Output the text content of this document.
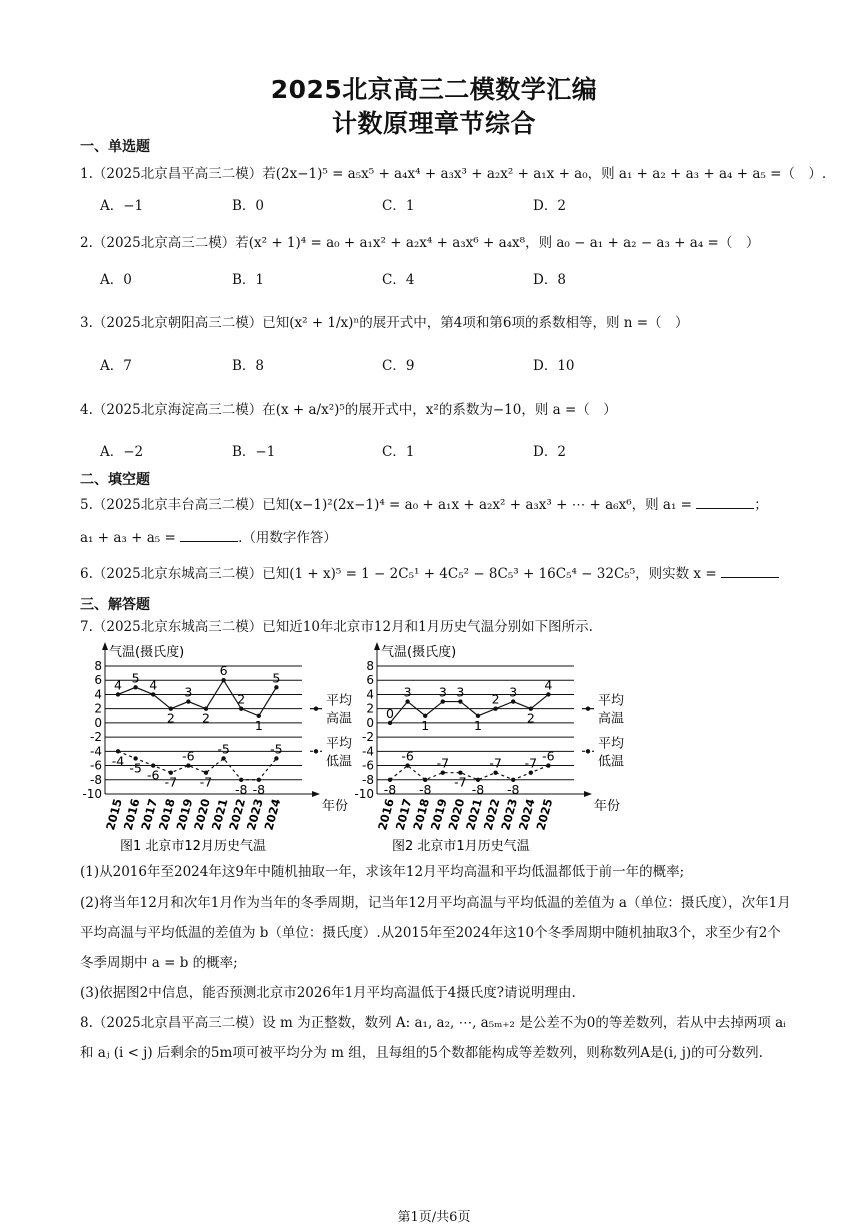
2025北京高三二模数学汇编
计数原理章节综合
一、单选题
1.（2025北京昌平高三二模）若(2x−1)⁵ = a₅x⁵ + a₄x⁴ + a₃x³ + a₂x² + a₁x + a₀，则 a₁ + a₂ + a₃ + a₄ + a₅ =（　）.
A．−1	B．0	C．1	D．2
2.（2025北京高三二模）若(x² + 1)⁴ = a₀ + a₁x² + a₂x⁴ + a₃x⁶ + a₄x⁸，则 a₀ − a₁ + a₂ − a₃ + a₄ =（　）
A．0	B．1	C．4	D．8
3.（2025北京朝阳高三二模）已知(x² + 1/x)ⁿ的展开式中，第4项和第6项的系数相等，则 n =（　）
A．7	B．8	C．9	D．10
4.（2025北京海淀高三二模）在(x + a/x²)⁵的展开式中，x²的系数为−10，则 a =（　）
A．−2	B．−1	C．1	D．2
二、填空题
5.（2025北京丰台高三二模）已知(x−1)²(2x−1)⁴ = a₀ + a₁x + a₂x² + a₃x³ + ⋯ + a₆x⁶，则 a₁ =	；
a₁ + a₃ + a₅ =	.（用数字作答）
6.（2025北京东城高三二模）已知(1 + x)⁵ = 1 − 2C₅¹ + 4C₅² − 8C₅³ + 16C₅⁴ − 32C₅⁵，则实数 x =
三、解答题
7.（2025北京东城高三二模）已知近10年北京市12月和1月历史气温分别如下图所示.
气温(摄氏度)
年份
8
6
4
2
0
-2
-4
-6
-8
-10
2015
2016
2017
2018
2019
2020
2021
2022
2023
2024
4 5 4
2
3
2
6
2
1
5
-4 -5 -6 -7
-6
-7
-5
-8 -8
-5
平均
高温
平均
低温
图1 北京市12月历史气温
气温(摄氏度)
年份
8
6
4
2
0
-2
-4
-6
-8
-10
2016
2017
2018
2019
2020
2021
2022
2023
2024
2025
0
3
1
3 3
1
2 3
2
4
-8
-6
-8
-7
-7 -8
-7
-8
-7 -6
平均
高温
平均
低温
图2 北京市1月历史气温
(1)从2016年至2024年这9年中随机抽取一年，求该年12月平均高温和平均低温都低于前一年的概率;
(2)将当年12月和次年1月作为当年的冬季周期，记当年12月平均高温与平均低温的差值为 a（单位：摄氏度），次年1月平均高温与平均低温的差值为 b（单位：摄氏度）.从2015年至2024年这10个冬季周期中随机抽取3个，求至少有2个冬季周期中 a = b 的概率;
(3)依据图2中信息，能否预测北京市2026年1月平均高温低于4摄氏度?请说明理由.
8.（2025北京昌平高三二模）设 m 为正整数，数列 A: a₁, a₂, ⋯, a₅ₘ₊₂ 是公差不为0的等差数列，若从中去掉两项 aᵢ 和 aⱼ (i < j) 后剩余的5m项可被平均分为 m 组，且每组的5个数都能构成等差数列，则称数列A是(i, j)的可分数列.
第1页/共6页
